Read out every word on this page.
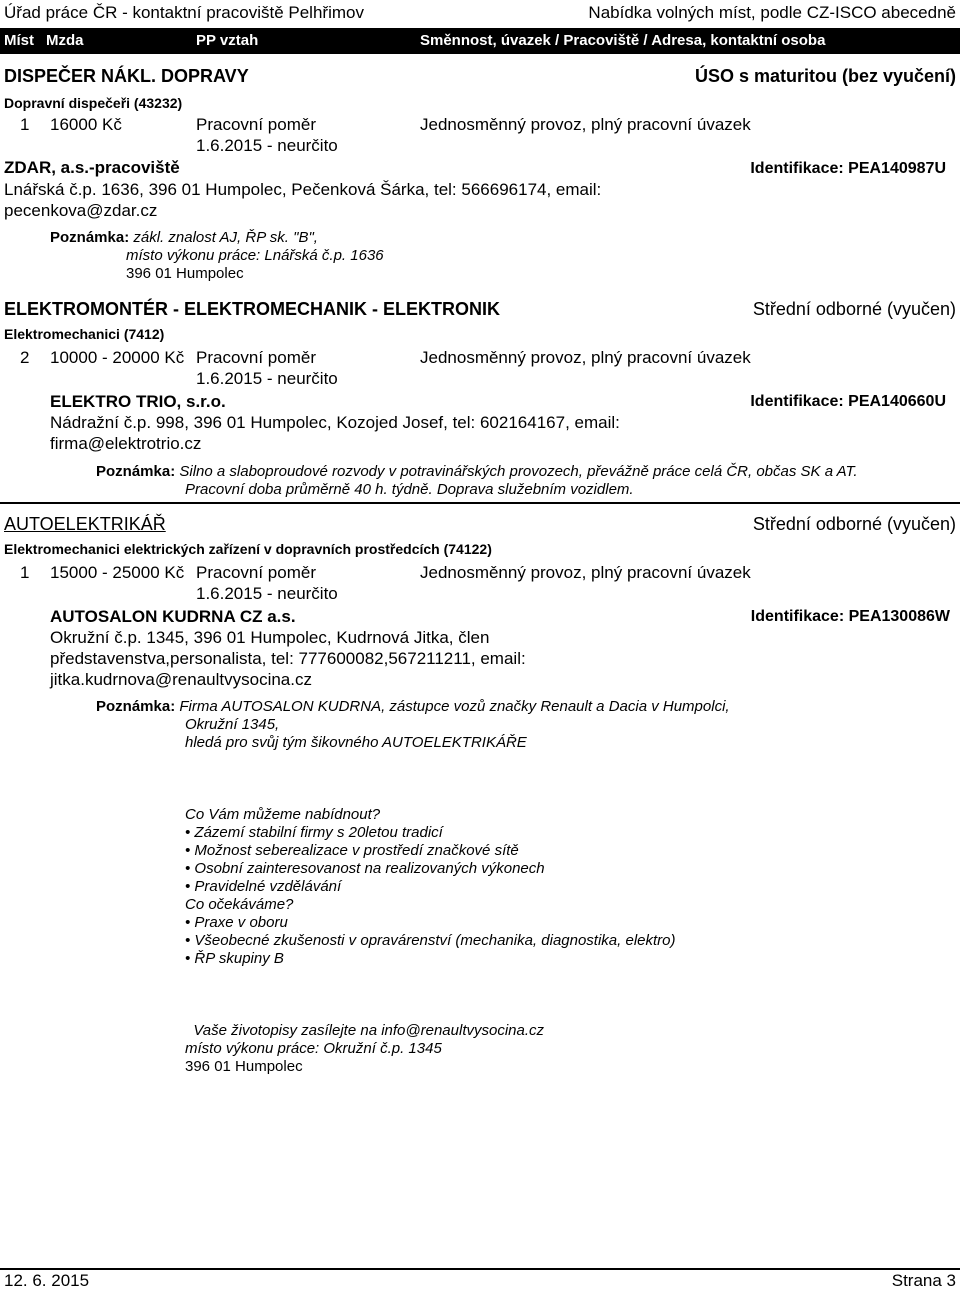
Úřad práce ČR - kontaktní pracoviště Pelhřimov	Nabídka volných míst, podle CZ-ISCO abecedně
Míst Mzda	PP vztah	Směnnost, úvazek / Pracoviště / Adresa, kontaktní osoba
DISPEČER NÁKL. DOPRAVY	ÚSO s maturitou (bez vyučení)
Dopravní dispečeři (43232)
1 16000 Kč	Pracovní poměr	Jednosměnný provoz, plný pracovní úvazek
1.6.2015 - neurčito
ZDAR, a.s.-pracoviště	Identifikace: PEA140987U
Lnářská č.p. 1636, 396 01 Humpolec, Pečenková Šárka, tel: 566696174, email:
pecenkova@zdar.cz
Poznámka: zákl. znalost AJ, ŘP sk. "B",
místo výkonu práce: Lnářská č.p. 1636
396 01 Humpolec
ELEKTROMONTÉR - ELEKTROMECHANIK - ELEKTRONIK	Střední odborné (vyučen)
Elektromechanici (7412)
2 10000 - 20000 Kč Pracovní poměr	Jednosměnný provoz, plný pracovní úvazek
1.6.2015 - neurčito
ELEKTRO TRIO, s.r.o.	Identifikace: PEA140660U
Nádražní č.p. 998, 396 01 Humpolec, Kozojed Josef, tel: 602164167, email:
firma@elektrotrio.cz
Poznámka: Silno a slaboproudové rozvody v potravinářských provozech, převážně práce celá ČR, občas SK a AT.
Pracovní doba průměrně 40 h. týdně. Doprava služebním vozidlem.
AUTOELEKTRIKÁŘ	Střední odborné (vyučen)
Elektromechanici elektrických zařízení v dopravních prostředcích (74122)
1 15000 - 25000 Kč Pracovní poměr	Jednosměnný provoz, plný pracovní úvazek
1.6.2015 - neurčito
AUTOSALON KUDRNA CZ a.s.	Identifikace: PEA130086W
Okružní č.p. 1345, 396 01 Humpolec, Kudrnová Jitka, člen
představenstva,personalista, tel: 777600082,567211211, email:
jitka.kudrnova@renaultvysocina.cz
Poznámka: Firma AUTOSALON KUDRNA, zástupce vozů značky Renault a Dacia v Humpolci,
Okružní 1345,
hledá pro svůj tým šikovného AUTOELEKTRIKÁŘE
Co Vám můžeme nabídnout?
• Zázemí stabilní firmy s 20letou tradicí
• Možnost seberealizace v prostředí značkové sítě
• Osobní zainteresovanost na realizovaných výkonech
• Pravidelné vzdělávání
Co očekáváme?
• Praxe v oboru
• Všeobecné zkušenosti v opravárenství (mechanika, diagnostika, elektro)
• ŘP skupiny B
Vaše životopisy zasílejte na info@renaultvysocina.cz
místo výkonu práce: Okružní č.p. 1345
396 01 Humpolec
12. 6. 2015	Strana 3
